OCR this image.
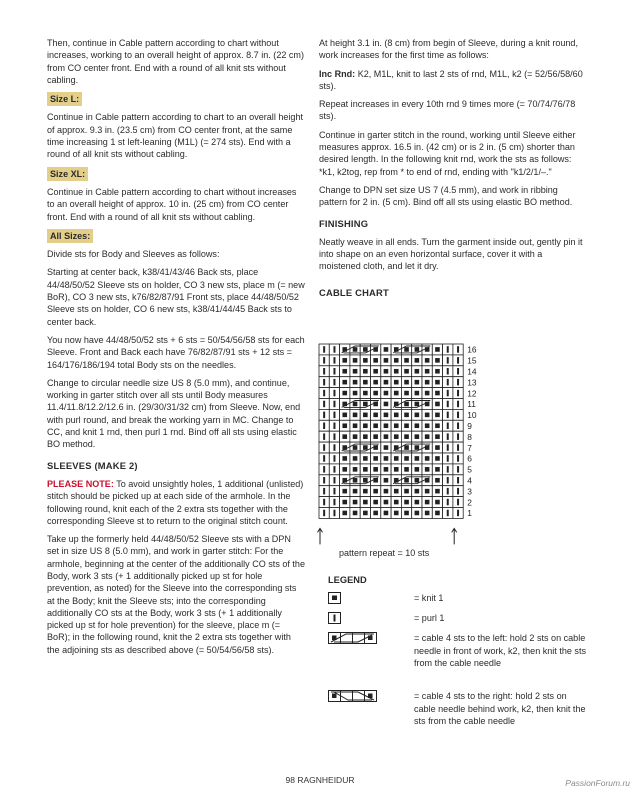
Then, continue in Cable pattern according to chart without increases, working to an overall height of approx. 8.7 in. (22 cm) from CO center front. End with a round of all knit sts without cabling.

Size L:

Continue in Cable pattern according to chart to an overall height of approx. 9.3 in. (23.5 cm) from CO center front, at the same time increasing 1 st left-leaning (M1L) (= 274 sts). End with a round of all knit sts without cabling.

Size XL:

Continue in Cable pattern according to chart without increases to an overall height of approx. 10 in. (25 cm) from CO center front. End with a round of all knit sts without cabling.

All Sizes:

Divide sts for Body and Sleeves as follows:

Starting at center back, k38/41/43/46 Back sts, place 44/48/50/52 Sleeve sts on holder, CO 3 new sts, place m (= new BoR), CO 3 new sts, k76/82/87/91 Front sts, place 44/48/50/52 Sleeve sts on holder, CO 6 new sts, k38/41/44/45 Back sts to center back.

You now have 44/48/50/52 sts + 6 sts = 50/54/56/58 sts for each Sleeve. Front and Back each have 76/82/87/91 sts + 12 sts = 164/176/186/194 total Body sts on the needles.

Change to circular needle size US 8 (5.0 mm), and continue, working in garter stitch over all sts until Body measures 11.4/11.8/12.2/12.6 in. (29/30/31/32 cm) from Sleeve. Now, end with purl round, and break the working yarn in MC. Change to CC, and knit 1 rnd, then purl 1 rnd. Bind off all sts using elastic BO method.

SLEEVES (MAKE 2)

PLEASE NOTE: To avoid unsightly holes, 1 additional (unlisted) stitch should be picked up at each side of the armhole. In the following round, knit each of the 2 extra sts together with the corresponding Sleeve st to return to the original stitch count.

Take up the formerly held 44/48/50/52 Sleeve sts with a DPN set in size US 8 (5.0 mm), and work in garter stitch: For the armhole, beginning at the center of the additionally CO sts of the Body, work 3 sts (+ 1 additionally picked up st for hole prevention, as noted) for the Sleeve into the corresponding sts at the Body; knit the Sleeve sts; into the corresponding additionally CO sts at the Body, work 3 sts (+ 1 additionally picked up st for hole prevention) for the sleeve, place m (= BoR); in the following round, knit the 2 extra sts together with the adjoining sts as described above (= 50/54/56/58 sts).

At height 3.1 in. (8 cm) from begin of Sleeve, during a knit round, work increases for the first time as follows:

Inc Rnd: K2, M1L, knit to last 2 sts of rnd, M1L, k2 (= 52/56/58/60 sts).

Repeat increases in every 10th rnd 9 times more (= 70/74/76/78 sts).

Continue in garter stitch in the round, working until Sleeve either measures approx. 16.5 in. (42 cm) or is 2 in. (5 cm) shorter than desired length. In the following knit rnd, work the sts as follows: *k1, k2tog, rep from * to end of rnd, ending with "k1/2/1/–."

Change to DPN set size US 7 (4.5 mm), and work in ribbing pattern for 2 in. (5 cm). Bind off all sts using elastic BO method.

FINISHING

Neatly weave in all ends. Turn the garment inside out, gently pin it into shape on an even horizontal surface, cover it with a moistened cloth, and let it dry.

CABLE CHART
16
15
14
13
12
11
10
9
8
7
6
5
4
3
2
1
pattern repeat = 10 sts
LEGEND
= knit 1
= purl 1
= cable 4 sts to the left: hold 2 sts on cable needle in front of work, k2, then knit the sts from the cable needle
= cable 4 sts to the right: hold 2 sts on cable needle behind work, k2, then knit the sts from the cable needle
98 RAGNHEIDUR	PassionForum.ru
